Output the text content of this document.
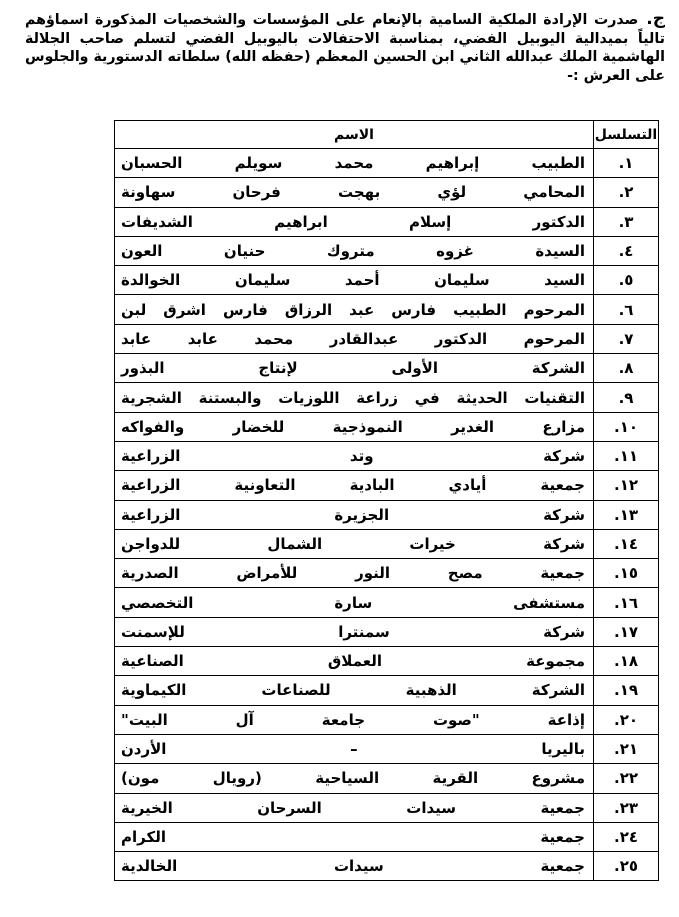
ج.صدرت الإرادة الملكية السامية بالإنعام على المؤسسات والشخصيات المذكورة اسماؤهم تالياً بميدالية اليوبيل الفضي، بمناسبة الاحتفالات باليوبيل الفضي لتسلم صاحب الجلالة الهاشمية الملك عبدالله الثاني ابن الحسين المعظم (حفظه الله) سلطاته الدستورية والجلوس على العرش :-
التسلسل	الاسم
١.	الطبيب إبراهيم محمد سويلم الحسبان
٢.	المحامي لؤي بهجت فرحان سهاونة
٣.	الدكتور إسلام ابراهيم الشديفات
٤.	السيدة غزوه متروك حنيان العون
٥.	السيد سليمان أحمد سليمان الخوالدة
٦.	المرحوم الطبيب فارس عبد الرزاق فارس اشرق لبن
٧.	المرحوم الدكتور عبدالقادر محمد عابد عابد
٨.	الشركة الأولى لإنتاج البذور
٩.	التقنيات الحديثة في زراعة اللوزيات والبستنة الشجرية
١٠.	مزارع الغدير النموذجية للخضار والفواكه
١١.	شركة وتد الزراعية
١٢.	جمعية أيادي البادية التعاونية الزراعية
١٣.	شركة الجزيرة الزراعية
١٤.	شركة خيرات الشمال للدواجن
١٥.	جمعية مصح النور للأمراض الصدرية
١٦.	مستشفى سارة التخصصي
١٧.	شركة سمنترا للإسمنت
١٨.	مجموعة العملاق الصناعية
١٩.	الشركة الذهبية للصناعات الكيماوية
٢٠.	إذاعة "صوت جامعة آل البيت"
٢١.	باليريا – الأردن
٢٢.	مشروع القرية السياحية (رويال مون)
٢٣.	جمعية سيدات السرحان الخيرية
٢٤.	جمعية الكرام
٢٥.	جمعية سيدات الخالدية
